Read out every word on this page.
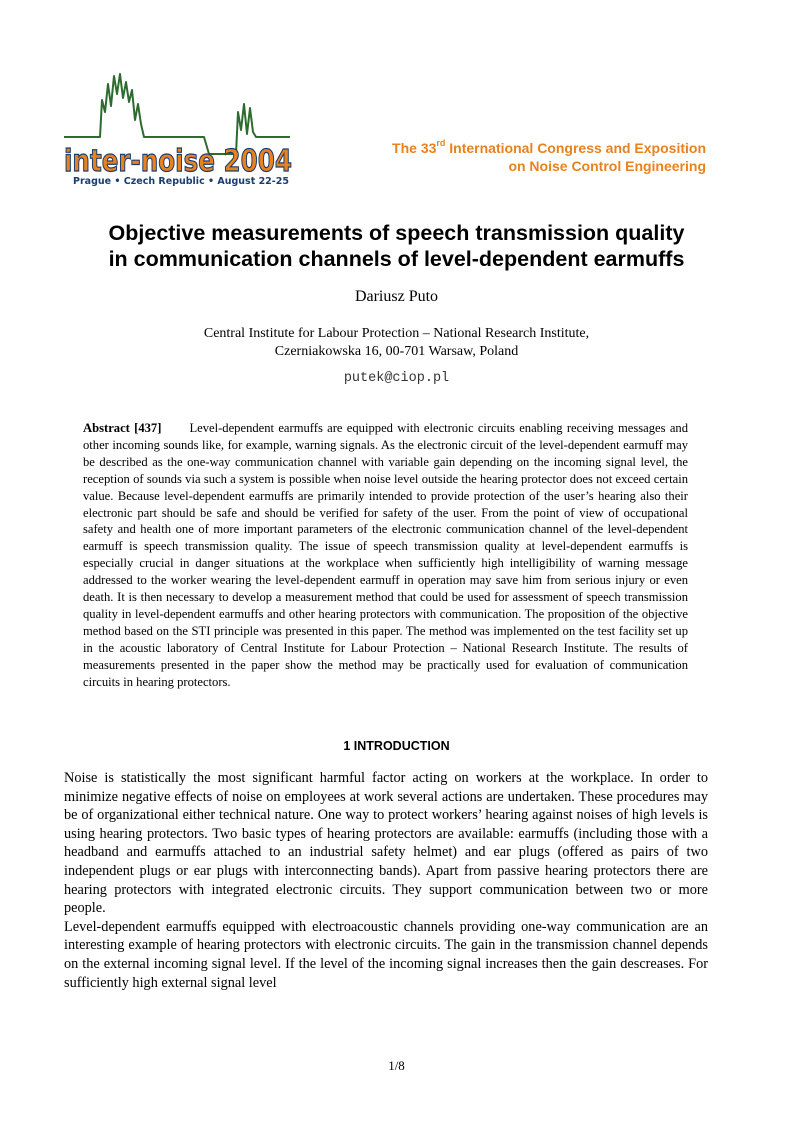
inter-noise 2004
Prague • Czech Republic • August 22-25
The 33rd International Congress and Exposition
on Noise Control Engineering
Objective measurements of speech transmission quality
in communication channels of level-dependent earmuffs
Dariusz Puto
Central Institute for Labour Protection – National Research Institute,
Czerniakowska 16, 00-701 Warsaw, Poland
putek@ciop.pl
Abstract [437] Level-dependent earmuffs are equipped with electronic circuits enabling receiving messages and other incoming sounds like, for example, warning signals. As the electronic circuit of the level-dependent earmuff may be described as the one-way communication channel with variable gain depending on the incoming signal level, the reception of sounds via such a system is possible when noise level outside the hearing protector does not exceed certain value. Because level-dependent earmuffs are primarily intended to provide protection of the user’s hearing also their electronic part should be safe and should be verified for safety of the user. From the point of view of occupational safety and health one of more important parameters of the electronic communication channel of the level-dependent earmuff is speech transmission quality. The issue of speech transmission quality at level-dependent earmuffs is especially crucial in danger situations at the workplace when sufficiently high intelligibility of warning message addressed to the worker wearing the level-dependent earmuff in operation may save him from serious injury or even death. It is then necessary to develop a measurement method that could be used for assessment of speech transmission quality in level-dependent earmuffs and other hearing protectors with communication. The proposition of the objective method based on the STI principle was presented in this paper. The method was implemented on the test facility set up in the acoustic laboratory of Central Institute for Labour Protection – National Research Institute. The results of measurements presented in the paper show the method may be practically used for evaluation of communication circuits in hearing protectors.
1 INTRODUCTION

Noise is statistically the most significant harmful factor acting on workers at the workplace. In order to minimize negative effects of noise on employees at work several actions are undertaken. These procedures may be of organizational either technical nature. One way to protect workers’ hearing against noises of high levels is using hearing protectors. Two basic types of hearing protectors are available: earmuffs (including those with a headband and earmuffs attached to an industrial safety helmet) and ear plugs (offered as pairs of two independent plugs or ear plugs with interconnecting bands). Apart from passive hearing protectors there are hearing protectors with integrated electronic circuits. They support communication between two or more people.

Level-dependent earmuffs equipped with electroacoustic channels providing one-way communication are an interesting example of hearing protectors with electronic circuits. The gain in the transmission channel depends on the external incoming signal level. If the level of the incoming signal increases then the gain descreases. For sufficiently high external signal level

1/8
